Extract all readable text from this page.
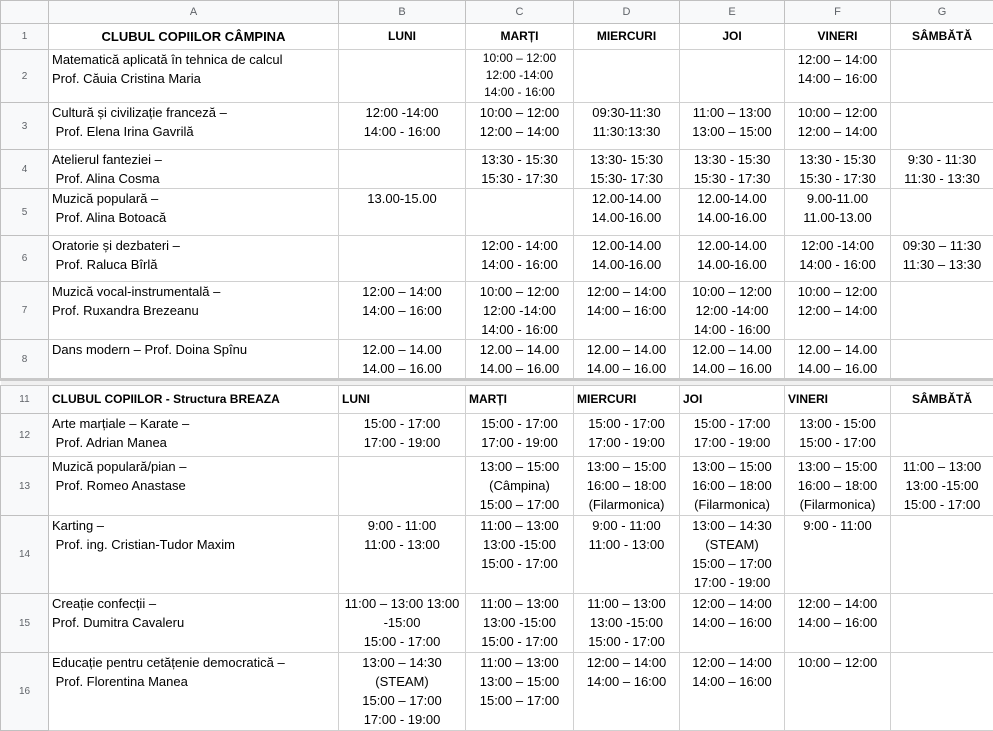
	A	B	C	D	E	F	G
1	CLUBUL COPIILOR CÂMPINA	LUNI	MARȚI	MIERCURI	JOI	VINERI	SÂMBĂTĂ
2	Matematică aplicată în tehnica de calcul
Prof. Căuia Cristina Maria		10:00 – 12:00
12:00 -14:00
14:00 - 16:00			12:00 – 14:00
14:00 – 16:00	

3	Cultură și civilizație franceză –
Prof. Elena Irina Gavrilă	12:00 -14:00
14:00 - 16:00	10:00 – 12:00
12:00 – 14:00	09:30-11:30
11:30:13:30	11:00 – 13:00
13:00 – 15:00	10:00 – 12:00
12:00 – 14:00	

4	Atelierul fanteziei –
Prof. Alina Cosma		13:30 - 15:30
15:30 - 17:30	13:30- 15:30
15:30- 17:30	13:30 - 15:30
15:30 - 17:30	13:30 - 15:30
15:30 - 17:30	9:30 - 11:30
11:30 - 13:30

5	Muzică populară –
Prof. Alina Botoacă	13.00-15.00		12.00-14.00
14.00-16.00	12.00-14.00
14.00-16.00	9.00-11.00
11.00-13.00	

6	Oratorie și dezbateri –
Prof. Raluca Bîrlă		12:00 - 14:00
14:00 - 16:00	12.00-14.00
14.00-16.00	12.00-14.00
14.00-16.00	12:00 -14:00
14:00 - 16:00	09:30 – 11:30
11:30 – 13:30

7	Muzică vocal-instrumentală –
Prof. Ruxandra Brezeanu	12:00 – 14:00
14:00 – 16:00	10:00 – 12:00
12:00 -14:00
14:00 - 16:00	12:00 – 14:00
14:00 – 16:00	10:00 – 12:00
12:00 -14:00
14:00 - 16:00	10:00 – 12:00
12:00 – 14:00	

8	Dans modern – Prof. Doina Spînu	12.00 – 14.00
14.00 – 16.00	12.00 – 14.00
14.00 – 16.00	12.00 – 14.00
14.00 – 16.00	12.00 – 14.00
14.00 – 16.00	12.00 – 14.00
14.00 – 16.00	

11	CLUBUL COPIILOR - Structura BREAZA	LUNI	MARȚI	MIERCURI	JOI	VINERI	SÂMBĂTĂ
12	Arte marțiale – Karate –
Prof. Adrian Manea	15:00 - 17:00
17:00 - 19:00	15:00 - 17:00
17:00 - 19:00	15:00 - 17:00
17:00 - 19:00	15:00 - 17:00
17:00 - 19:00	13:00 - 15:00
15:00 - 17:00	

13	Muzică populară/pian –
Prof. Romeo Anastase		13:00 – 15:00
(Câmpina)
15:00 – 17:00	13:00 – 15:00
16:00 – 18:00
(Filarmonica)	13:00 – 15:00
16:00 – 18:00
(Filarmonica)	13:00 – 15:00
16:00 – 18:00
(Filarmonica)	11:00 – 13:00
13:00 -15:00
15:00 - 17:00

14	Karting –
Prof. ing. Cristian-Tudor Maxim	9:00 - 11:00
11:00 - 13:00	11:00 – 13:00
13:00 -15:00
15:00 - 17:00	9:00 - 11:00
11:00 - 13:00	13:00 – 14:30
(STEAM)
15:00 – 17:00
17:00 - 19:00	9:00 - 11:00	

15	Creație confecții –
Prof. Dumitra Cavaleru	11:00 – 13:00 13:00
-15:00
15:00 - 17:00	11:00 – 13:00
13:00 -15:00
15:00 - 17:00	11:00 – 13:00
13:00 -15:00
15:00 - 17:00	12:00 – 14:00
14:00 – 16:00	12:00 – 14:00
14:00 – 16:00	

16	Educație pentru cetățenie democratică –
Prof. Florentina Manea	13:00 – 14:30
(STEAM)
15:00 – 17:00
17:00 - 19:00	11:00 – 13:00
13:00 – 15:00
15:00 – 17:00	12:00 – 14:00
14:00 – 16:00	12:00 – 14:00
14:00 – 16:00	10:00 – 12:00	
